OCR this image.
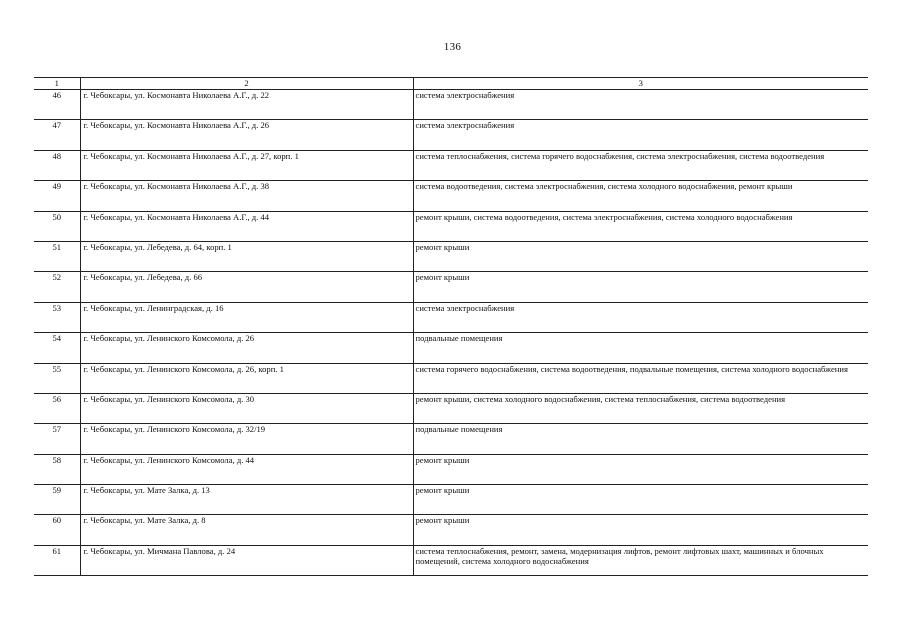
136
1	2	3
46	г. Чебоксары, ул. Космонавта Николаева А.Г., д. 22	система электроснабжения
47	г. Чебоксары, ул. Космонавта Николаева А.Г., д. 26	система электроснабжения
48	г. Чебоксары, ул. Космонавта Николаева А.Г., д. 27, корп. 1	система теплоснабжения, система горячего водоснабжения, система электроснабжения, система водоотведения
49	г. Чебоксары, ул. Космонавта Николаева А.Г., д. 38	система водоотведения, система электроснабжения, система холодного водоснабжения, ремонт крыши
50	г. Чебоксары, ул. Космонавта Николаева А.Г., д. 44	ремонт крыши, система водоотведения, система электроснабжения, система холодного водоснабжения
51	г. Чебоксары, ул. Лебедева, д. 64, корп. 1	ремонт крыши
52	г. Чебоксары, ул. Лебедева, д. 66	ремонт крыши
53	г. Чебоксары, ул. Ленинградская, д. 16	система электроснабжения
54	г. Чебоксары, ул. Ленинского Комсомола, д. 26	подвальные помещения
55	г. Чебоксары, ул. Ленинского Комсомола, д. 26, корп. 1	система горячего водоснабжения, система водоотведения, подвальные помещения, система холодного водоснабжения
56	г. Чебоксары, ул. Ленинского Комсомола, д. 30	ремонт крыши, система холодного водоснабжения, система теплоснабжения, система водоотведения
57	г. Чебоксары, ул. Ленинского Комсомола, д. 32/19	подвальные помещения
58	г. Чебоксары, ул. Ленинского Комсомола, д. 44	ремонт крыши
59	г. Чебоксары, ул. Мате Залка, д. 13	ремонт крыши
60	г. Чебоксары, ул. Мате Залка, д. 8	ремонт крыши
61	г. Чебоксары, ул. Мичмана Павлова, д. 24	система теплоснабжения, ремонт, замена, модернизация лифтов, ремонт лифтовых шахт, машинных и блочных помещений, система холодного водоснабжения
